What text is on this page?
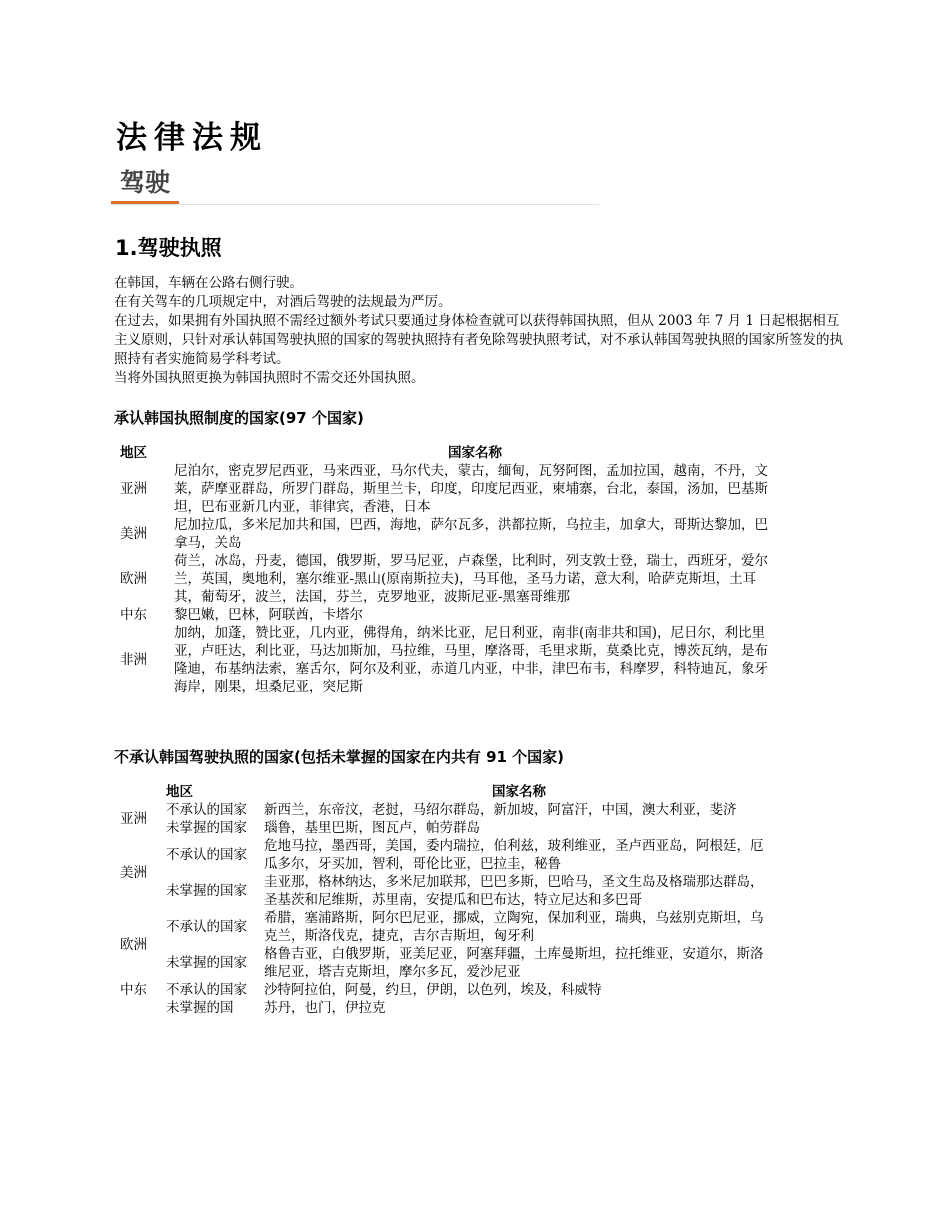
法律法规
驾驶
1.驾驶执照

在韩国，车辆在公路右侧行驶。

在有关驾车的几项规定中，对酒后驾驶的法规最为严厉。

在过去，如果拥有外国执照不需经过额外考试只要通过身体检查就可以获得韩国执照，但从 2003 年 7 月 1 日起根据相互主义原则，只针对承认韩国驾驶执照的国家的驾驶执照持有者免除驾驶执照考试，对不承认韩国驾驶执照的国家所签发的执照持有者实施简易学科考试。

当将外国执照更换为韩国执照时不需交还外国执照。

承认韩国执照制度的国家(97 个国家)
地区	国家名称
亚洲	尼泊尔，密克罗尼西亚，马来西亚，马尔代夫，蒙古，缅甸，瓦努阿图，孟加拉国，越南，不丹，文莱，萨摩亚群岛，所罗门群岛，斯里兰卡，印度，印度尼西亚，柬埔寨，台北，泰国，汤加，巴基斯坦，巴布亚新几内亚，菲律宾，香港，日本
美洲	尼加拉瓜，多米尼加共和国，巴西，海地，萨尔瓦多，洪都拉斯，乌拉圭，加拿大，哥斯达黎加，巴拿马，关岛
欧洲	荷兰，冰岛，丹麦，德国，俄罗斯，罗马尼亚，卢森堡，比利时，列支敦士登，瑞士，西班牙，爱尔兰，英国，奥地利，塞尔维亚-黑山(原南斯拉夫)，马耳他，圣马力诺，意大利，哈萨克斯坦，土耳其，葡萄牙，波兰，法国，芬兰，克罗地亚，波斯尼亚-黑塞哥维那
中东	黎巴嫩，巴林，阿联酋，卡塔尔
非洲	加纳，加蓬，赞比亚，几内亚，佛得角，纳米比亚，尼日利亚，南非(南非共和国)，尼日尔，利比里亚，卢旺达，利比亚，马达加斯加，马拉维，马里，摩洛哥，毛里求斯，莫桑比克，博茨瓦纳，是布隆迪，布基纳法索，塞舌尔，阿尔及利亚，赤道几内亚，中非，津巴布韦，科摩罗，科特迪瓦，象牙海岸，刚果，坦桑尼亚，突尼斯
不承认韩国驾驶执照的国家(包括未掌握的国家在内共有 91 个国家)
地区		国家名称
亚洲	不承认的国家	新西兰，东帝汶，老挝，马绍尔群岛，新加坡，阿富汗，中国，澳大利亚，斐济
	未掌握的国家	瑙鲁，基里巴斯，图瓦卢，帕劳群岛
美洲	不承认的国家	危地马拉，墨西哥，美国，委内瑞拉，伯利兹，玻利维亚，圣卢西亚岛，阿根廷，厄瓜多尔，牙买加，智利，哥伦比亚，巴拉圭，秘鲁
	未掌握的国家	圭亚那，格林纳达，多米尼加联邦，巴巴多斯，巴哈马，圣文生岛及格瑞那达群岛，圣基茨和尼维斯，苏里南，安提瓜和巴布达，特立尼达和多巴哥
欧洲	不承认的国家	希腊，塞浦路斯，阿尔巴尼亚，挪威，立陶宛，保加利亚，瑞典，乌兹别克斯坦，乌克兰，斯洛伐克，捷克，吉尔吉斯坦，匈牙利
	未掌握的国家	格鲁吉亚，白俄罗斯，亚美尼亚，阿塞拜疆，土库曼斯坦，拉托维亚，安道尔，斯洛维尼亚，塔吉克斯坦，摩尔多瓦，爱沙尼亚
中东	不承认的国家	沙特阿拉伯，阿曼，约旦，伊朗，以色列，埃及，科威特
	未掌握的国	苏丹，也门，伊拉克
